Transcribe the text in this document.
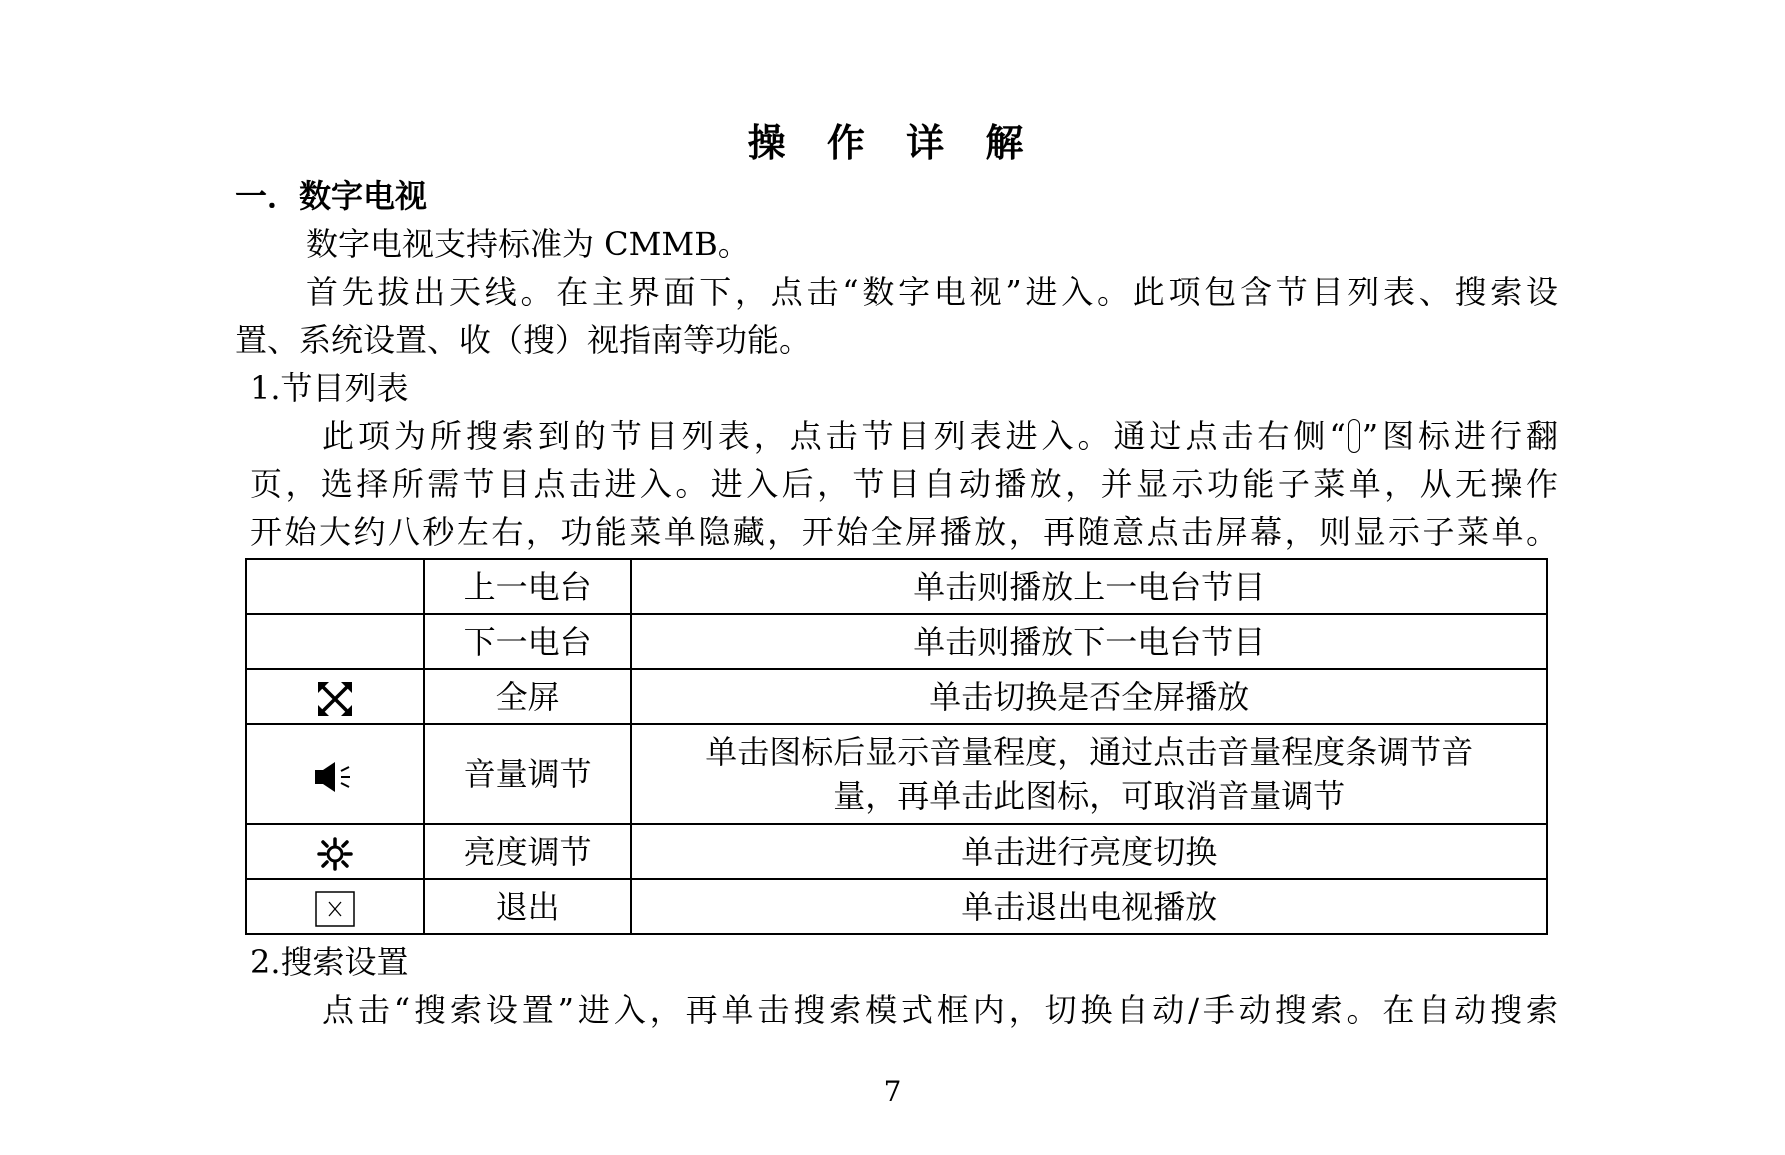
操 作 详 解
一．数字电视
数字电视支持标准为 CMMB。
首先拔出天线。在主界面下，点击“数字电视”进入。此项包含节目列表、搜索设
置、系统设置、收（搜）视指南等功能。
1.节目列表
此项为所搜索到的节目列表，点击节目列表进入。通过点击右侧“ ”图标进行翻
页，选择所需节目点击进入。进入后，节目自动播放，并显示功能子菜单，从无操作
开始大约八秒左右，功能菜单隐藏，开始全屏播放，再随意点击屏幕，则显示子菜单。
	上一电台	单击则播放上一电台节目
	下一电台	单击则播放下一电台节目
	全屏	单击切换是否全屏播放
	音量调节	单击图标后显示音量程度，通过点击音量程度条调节音
量，再单击此图标，可取消音量调节

	亮度调节	单击进行亮度切换
	退出	单击退出电视播放
2.搜索设置
点击“搜索设置”进入，再单击搜索模式框内，切换自动/手动搜索。在自动搜索
7
